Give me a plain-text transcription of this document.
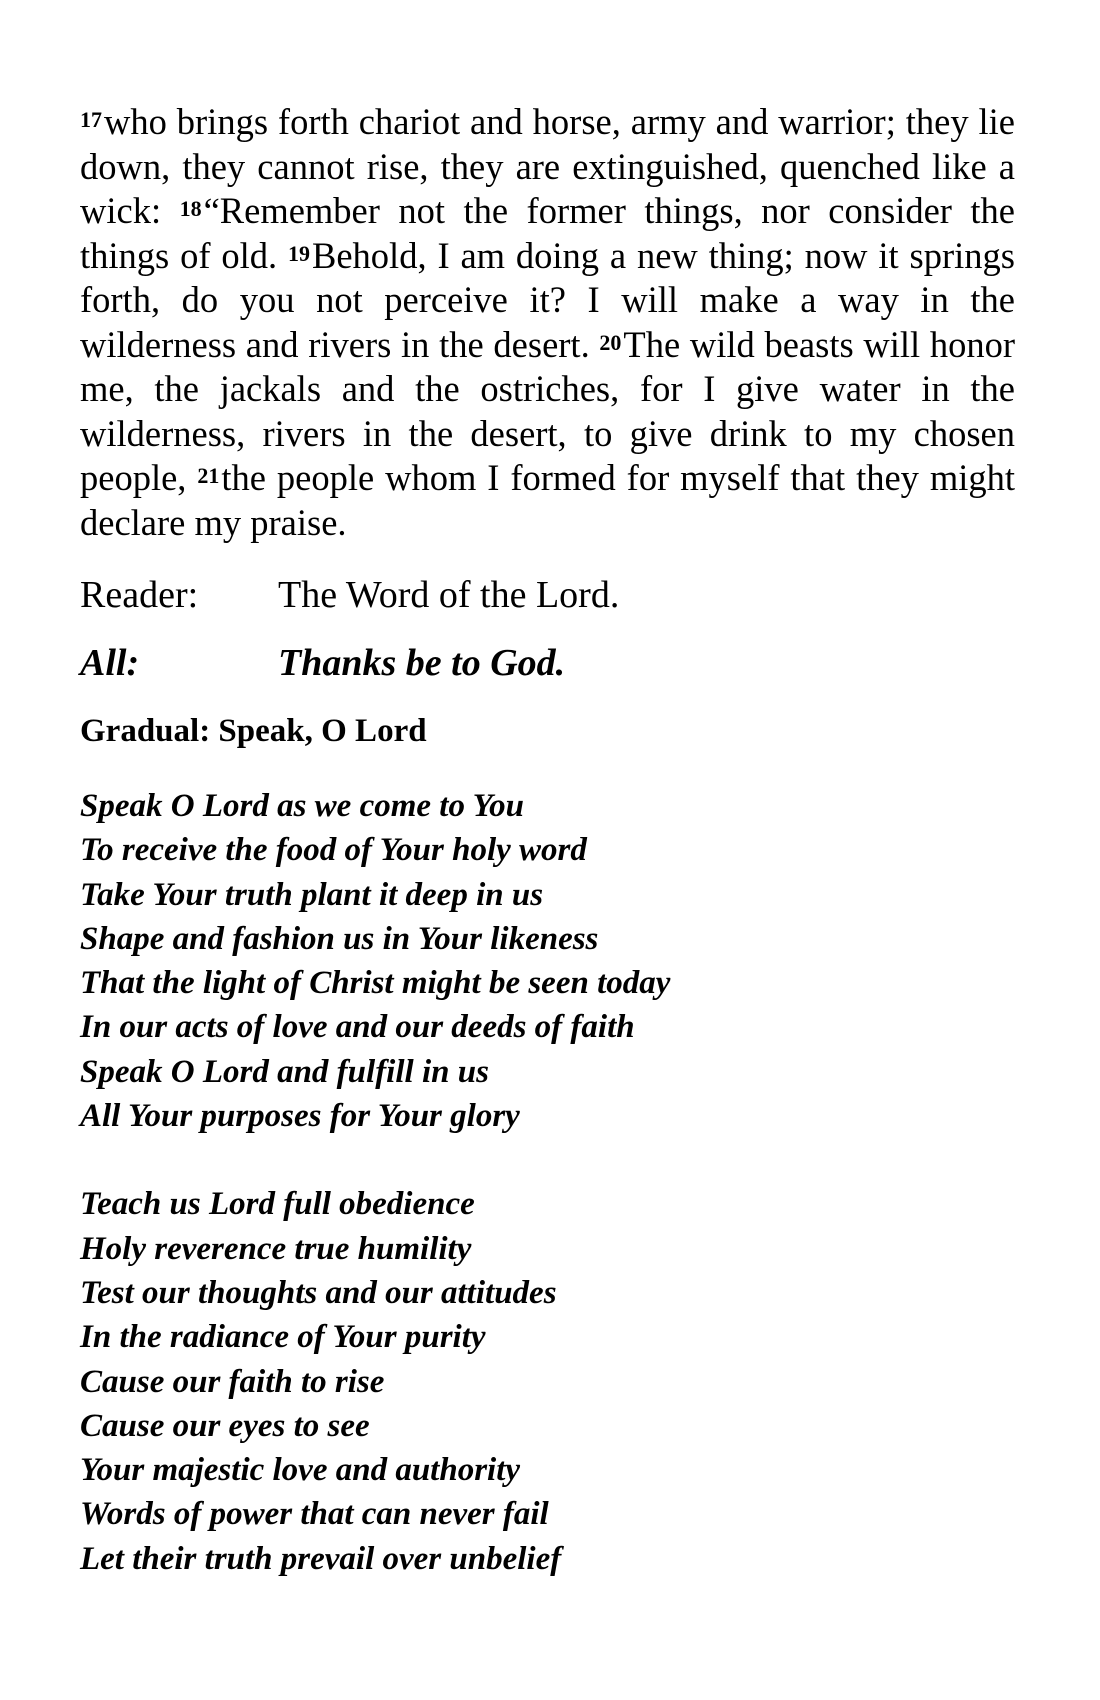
$^{17}$who brings forth chariot and horse, army and warrior; they lie down, they cannot rise, they are extinguished, quenched like a wick: $^{18}$“Remember not the former things, nor consider the things of old. $^{19}$Behold, I am doing a new thing; now it springs forth, do you not perceive it? I will make a way in the wilderness and rivers in the desert. $^{20}$The wild beasts will honor me, the jackals and the ostriches, for I give water in the wilderness, rivers in the desert, to give drink to my chosen people, $^{21}$the people whom I formed for myself that they might declare my praise.

Reader:	The Word of the Lord.
All:	Thanks be to God.
Gradual: Speak, O Lord
Speak O Lord as we come to You
To receive the food of Your holy word
Take Your truth plant it deep in us
Shape and fashion us in Your likeness
That the light of Christ might be seen today
In our acts of love and our deeds of faith
Speak O Lord and fulfill in us
All Your purposes for Your glory
Teach us Lord full obedience
Holy reverence true humility
Test our thoughts and our attitudes
In the radiance of Your purity
Cause our faith to rise
Cause our eyes to see
Your majestic love and authority
Words of power that can never fail
Let their truth prevail over unbelief
